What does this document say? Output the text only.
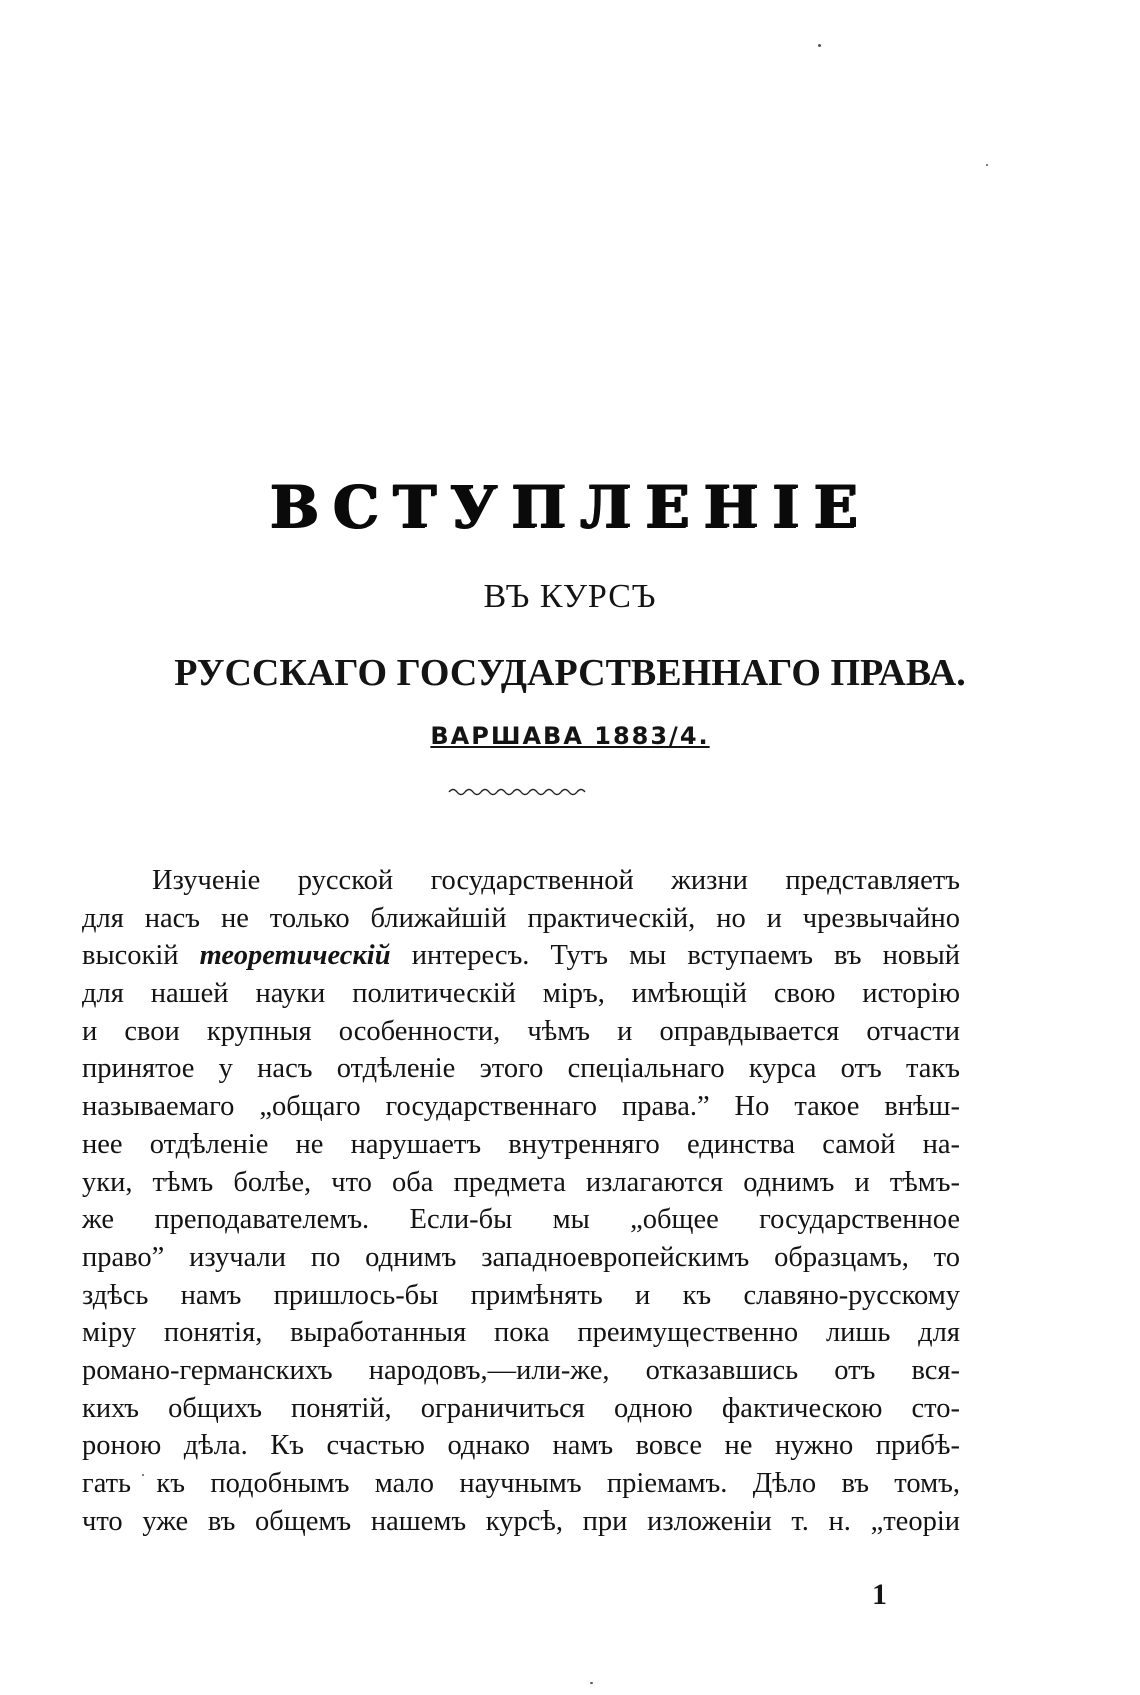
ВСТУПЛЕНІЕ
ВЪ КУРСЪ
РУССКАГО ГОСУДАРСТВЕННАГО ПРАВА.
ВАРШАВА 1883/4.
Изученіе русской государственной жизни представляетъ
для насъ не только ближайшій практическій, но и чрезвычайно
высокій теоретическій интересъ. Тутъ мы вступаемъ въ новый
для нашей науки политическій міръ, имѣющій свою исторію
и свои крупныя особенности, чѣмъ и оправдывается отчасти
принятое у насъ отдѣленіе этого спеціальнаго курса отъ такъ
называемаго „общаго государственнаго права.” Но такое внѣш-
нее отдѣленіе не нарушаетъ внутренняго единства самой на-
уки, тѣмъ болѣе, что оба предмета излагаются однимъ и тѣмъ-
же преподавателемъ. Если-бы мы „общее государственное
право” изучали по однимъ западноевропейскимъ образцамъ, то
здѣсь намъ пришлось-бы примѣнять и къ славяно-русскому
міру понятія, выработанныя пока преимущественно лишь для
романо-германскихъ народовъ,—или-же, отказавшись отъ вся-
кихъ общихъ понятій, ограничиться одною фактическою сто-
роною дѣла. Къ счастью однако намъ вовсе не нужно прибѣ-
гать къ подобнымъ мало научнымъ пріемамъ. Дѣло въ томъ,
что уже въ общемъ нашемъ курсѣ, при изложеніи т. н. „теоріи
1
